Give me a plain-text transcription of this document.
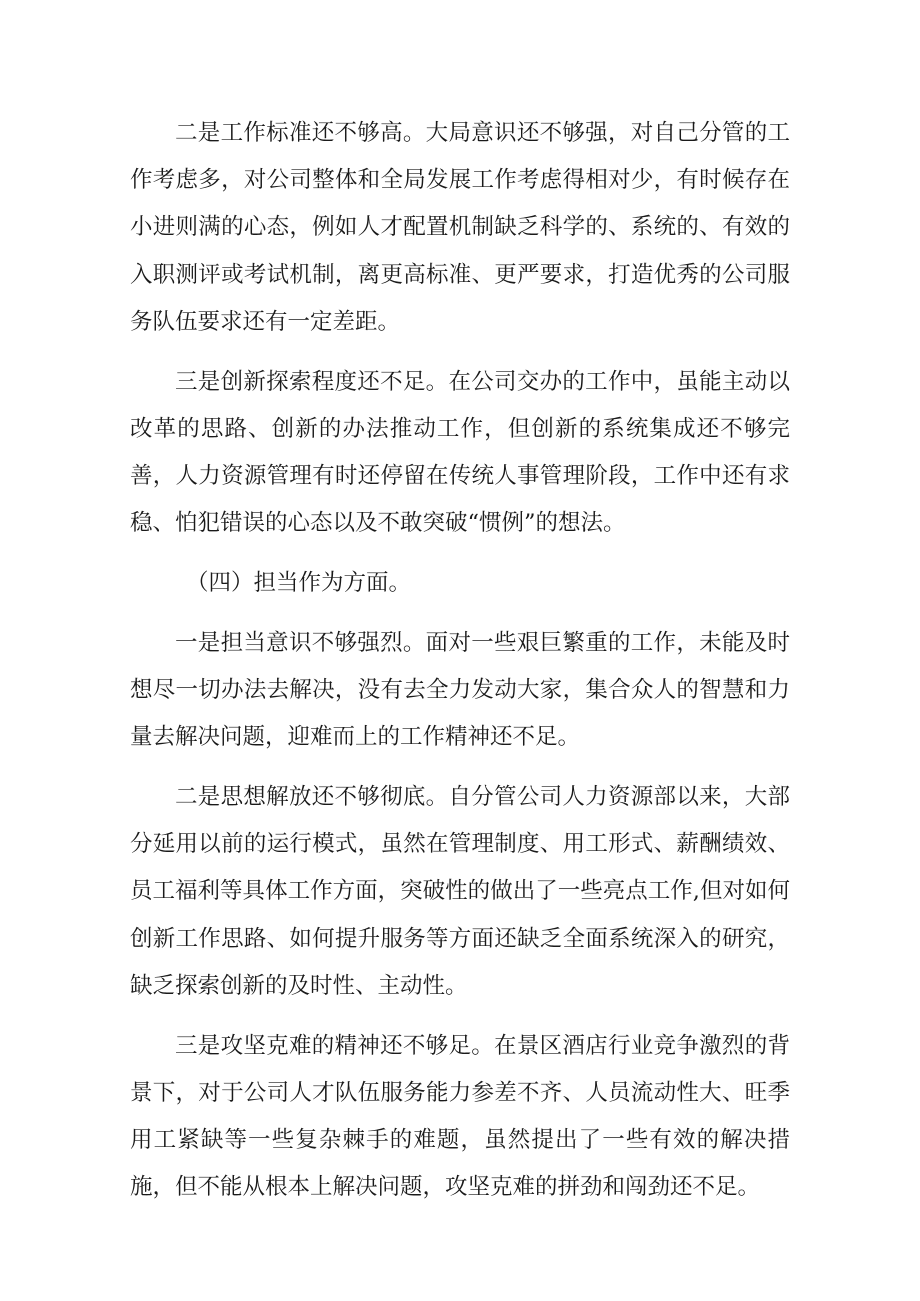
二是工作标准还不够高。大局意识还不够强，对自己分管的工作考虑多，对公司整体和全局发展工作考虑得相对少，有时候存在小进则满的心态，例如人才配置机制缺乏科学的、系统的、有效的入职测评或考试机制，离更高标准、更严要求，打造优秀的公司服务队伍要求还有一定差距。

三是创新探索程度还不足。在公司交办的工作中，虽能主动以改革的思路、创新的办法推动工作，但创新的系统集成还不够完善，人力资源管理有时还停留在传统人事管理阶段，工作中还有求稳、怕犯错误的心态以及不敢突破“惯例”的想法。

（四）担当作为方面。

一是担当意识不够强烈。面对一些艰巨繁重的工作，未能及时想尽一切办法去解决，没有去全力发动大家，集合众人的智慧和力量去解决问题，迎难而上的工作精神还不足。

二是思想解放还不够彻底。自分管公司人力资源部以来，大部分延用以前的运行模式，虽然在管理制度、用工形式、薪酬绩效、员工福利等具体工作方面，突破性的做出了一些亮点工作,但对如何创新工作思路、如何提升服务等方面还缺乏全面系统深入的研究，缺乏探索创新的及时性、主动性。

三是攻坚克难的精神还不够足。在景区酒店行业竞争激烈的背景下，对于公司人才队伍服务能力参差不齐、人员流动性大、旺季用工紧缺等一些复杂棘手的难题，虽然提出了一些有效的解决措施，但不能从根本上解决问题，攻坚克难的拼劲和闯劲还不足。
